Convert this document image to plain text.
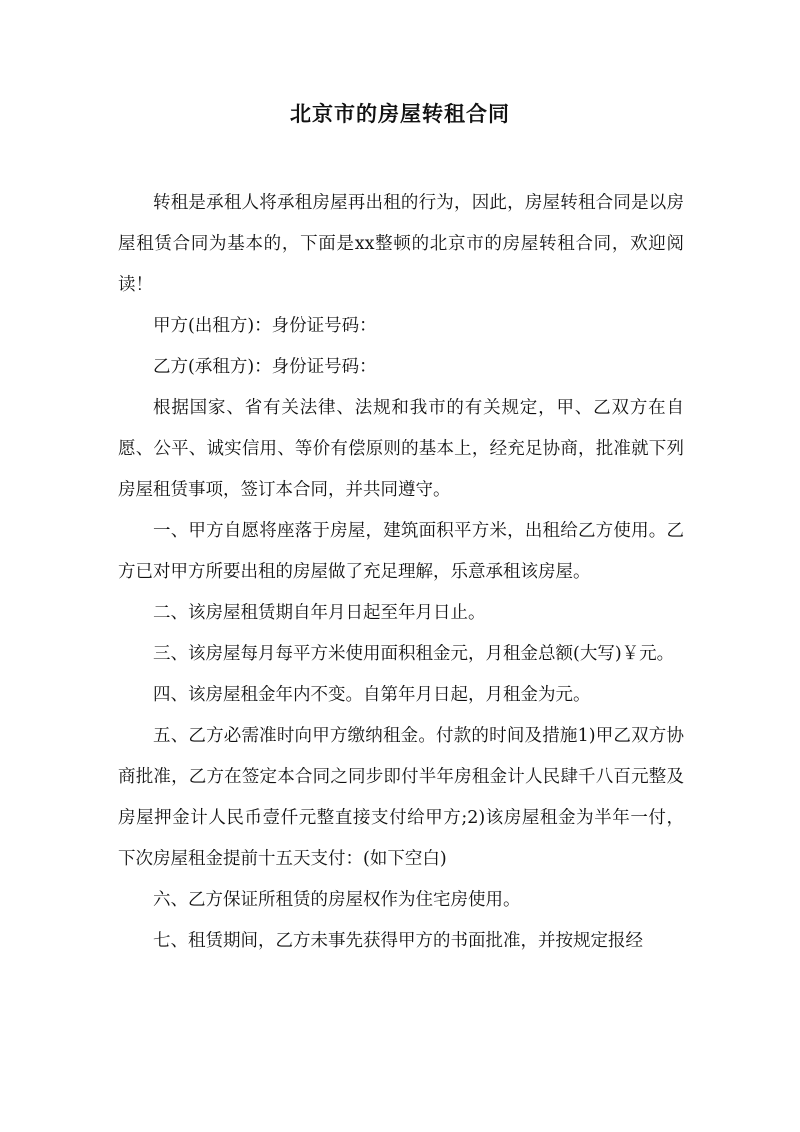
北京市的房屋转租合同

转租是承租人将承租房屋再出租的行为，因此，房屋转租合同是以房屋租赁合同为基本的，下面是xx整顿的北京市的房屋转租合同，欢迎阅读！

甲方(出租方)：身份证号码：

乙方(承租方)：身份证号码：

根据国家、省有关法律、法规和我市的有关规定，甲、乙双方在自愿、公平、诚实信用、等价有偿原则的基本上，经充足协商，批准就下列房屋租赁事项，签订本合同，并共同遵守。

一、甲方自愿将座落于房屋，建筑面积平方米，出租给乙方使用。乙方已对甲方所要出租的房屋做了充足理解，乐意承租该房屋。

二、该房屋租赁期自年月日起至年月日止。

三、该房屋每月每平方米使用面积租金元，月租金总额(大写)￥元。

四、该房屋租金年内不变。自第年月日起，月租金为元。

五、乙方必需准时向甲方缴纳租金。付款的时间及措施1)甲乙双方协商批准，乙方在签定本合同之同步即付半年房租金计人民肆千八百元整及房屋押金计人民币壹仟元整直接支付给甲方;2)该房屋租金为半年一付，下次房屋租金提前十五天支付：(如下空白)

六、乙方保证所租赁的房屋权作为住宅房使用。

七、租赁期间，乙方未事先获得甲方的书面批准，并按规定报经
